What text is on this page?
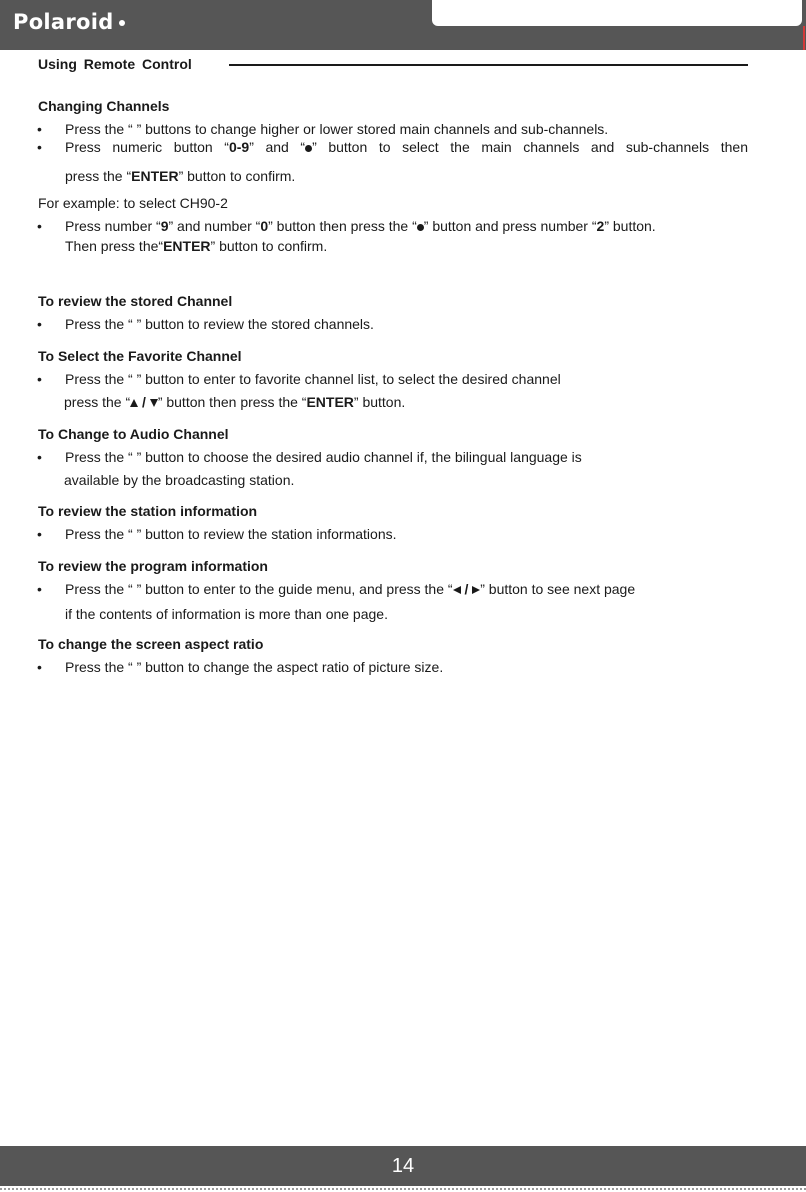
Polaroid
Using Remote Control
Changing Channels
• Press the “ ” buttons to change higher or lower stored main channels and sub-channels.
• Press numeric button “0-9” and “ ” button to select the main channels and sub-channels then
press the “ENTER” button to confirm.
For example: to select CH90-2
• Press number “9” and number “0” button then press the “ ” button and press number “2” button.
Then press the“ENTER” button to confirm.
To review the stored Channel
• Press the “ ” button to review the stored channels.
To Select the Favorite Channel
• Press the “ ” button to enter to favorite channel list, to select the desired channel
press the “ / ” button then press the “ENTER” button.
To Change to Audio Channel
• Press the “ ” button to choose the desired audio channel if, the bilingual language is
available by the broadcasting station.
To review the station information
• Press the “ ” button to review the station informations.
To review the program information
• Press the “ ” button to enter to the guide menu, and press the “ / ” button to see next page
if the contents of information is more than one page.
To change the screen aspect ratio
• Press the “ ” button to change the aspect ratio of picture size.
14
